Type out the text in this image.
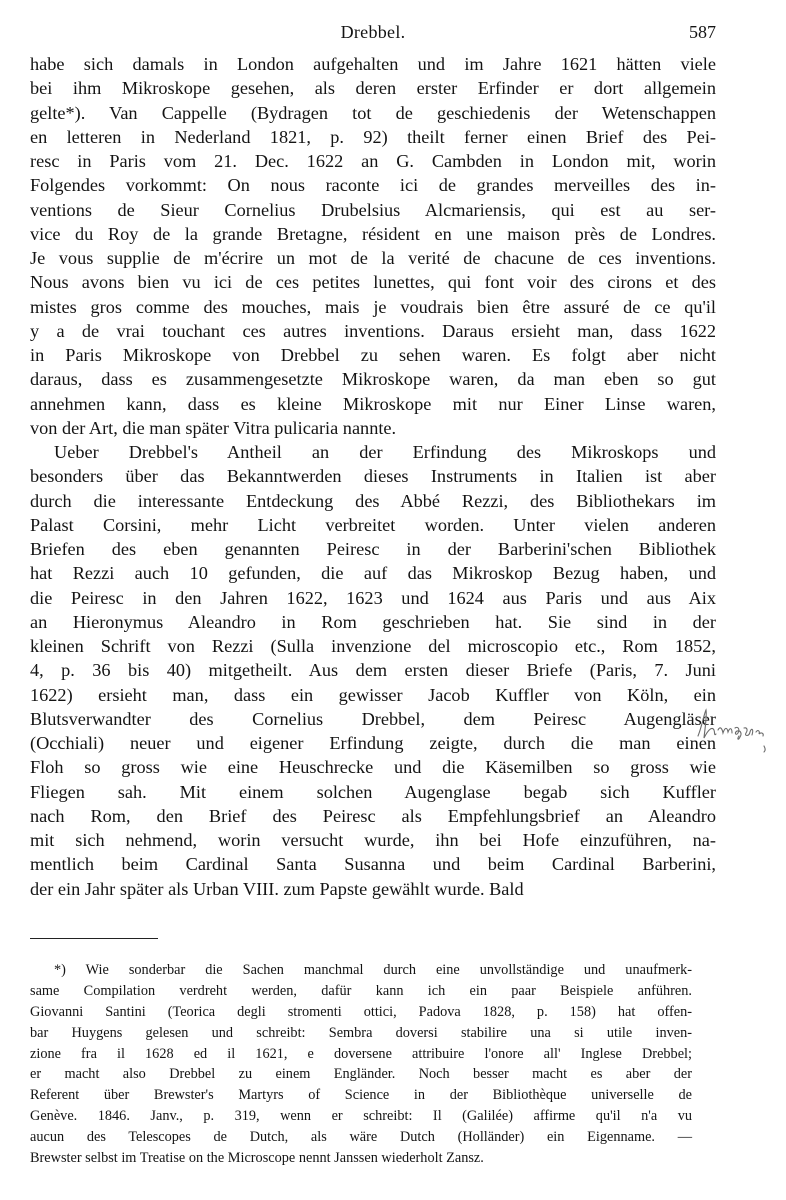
Drebbel.	587
habe sich damals in London aufgehalten und im Jahre 1621 hätten viele
bei ihm Mikroskope gesehen, als deren erster Erfinder er dort allgemein
gelte*). Van Cappelle (Bydragen tot de geschiedenis der Wetenschappen
en letteren in Nederland 1821, p. 92) theilt ferner einen Brief des Pei-
resc in Paris vom 21. Dec. 1622 an G. Cambden in London mit, worin
Folgendes vorkommt: On nous raconte ici de grandes merveilles des in-
ventions de Sieur Cornelius Drubelsius Alcmariensis, qui est au ser-
vice du Roy de la grande Bretagne, résident en une maison près de Londres.
Je vous supplie de m'écrire un mot de la verité de chacune de ces inventions.
Nous avons bien vu ici de ces petites lunettes, qui font voir des cirons et des
mistes gros comme des mouches, mais je voudrais bien être assuré de ce qu'il
y a de vrai touchant ces autres inventions. Daraus ersieht man, dass 1622
in Paris Mikroskope von Drebbel zu sehen waren. Es folgt aber nicht
daraus, dass es zusammengesetzte Mikroskope waren, da man eben so gut
annehmen kann, dass es kleine Mikroskope mit nur Einer Linse waren,
von der Art, die man später Vitra pulicaria nannte.
Ueber Drebbel's Antheil an der Erfindung des Mikroskops und
besonders über das Bekanntwerden dieses Instruments in Italien ist aber
durch die interessante Entdeckung des Abbé Rezzi, des Bibliothekars im
Palast Corsini, mehr Licht verbreitet worden. Unter vielen anderen
Briefen des eben genannten Peiresc in der Barberini'schen Bibliothek
hat Rezzi auch 10 gefunden, die auf das Mikroskop Bezug haben, und
die Peiresc in den Jahren 1622, 1623 und 1624 aus Paris und aus Aix
an Hieronymus Aleandro in Rom geschrieben hat. Sie sind in der
kleinen Schrift von Rezzi (Sulla invenzione del microscopio etc., Rom 1852,
4, p. 36 bis 40) mitgetheilt. Aus dem ersten dieser Briefe (Paris, 7. Juni
1622) ersieht man, dass ein gewisser Jacob Kuffler von Köln, ein
Blutsverwandter des Cornelius Drebbel, dem Peiresc Augengläser
(Occhiali) neuer und eigener Erfindung zeigte, durch die man einen
Floh so gross wie eine Heuschrecke und die Käsemilben so gross wie
Fliegen sah. Mit einem solchen Augenglase begab sich Kuffler
nach Rom, den Brief des Peiresc als Empfehlungsbrief an Aleandro
mit sich nehmend, worin versucht wurde, ihn bei Hofe einzuführen, na-
mentlich beim Cardinal Santa Susanna und beim Cardinal Barberini,
der ein Jahr später als Urban VIII. zum Papste gewählt wurde. Bald
*) Wie sonderbar die Sachen manchmal durch eine unvollständige und unaufmerk-
same Compilation verdreht werden, dafür kann ich ein paar Beispiele anführen.
Giovanni Santini (Teorica degli stromenti ottici, Padova 1828, p. 158) hat offen-
bar Huygens gelesen und schreibt: Sembra doversi stabilire una si utile inven-
zione fra il 1628 ed il 1621, e doversene attribuire l'onore all' Inglese Drebbel;
er macht also Drebbel zu einem Engländer. Noch besser macht es aber der
Referent über Brewster's Martyrs of Science in der Bibliothèque universelle de
Genève. 1846. Janv., p. 319, wenn er schreibt: Il (Galilée) affirme qu'il n'a vu
aucun des Telescopes de Dutch, als wäre Dutch (Holländer) ein Eigenname. —
Brewster selbst im Treatise on the Microscope nennt Janssen wiederholt Zansz.
